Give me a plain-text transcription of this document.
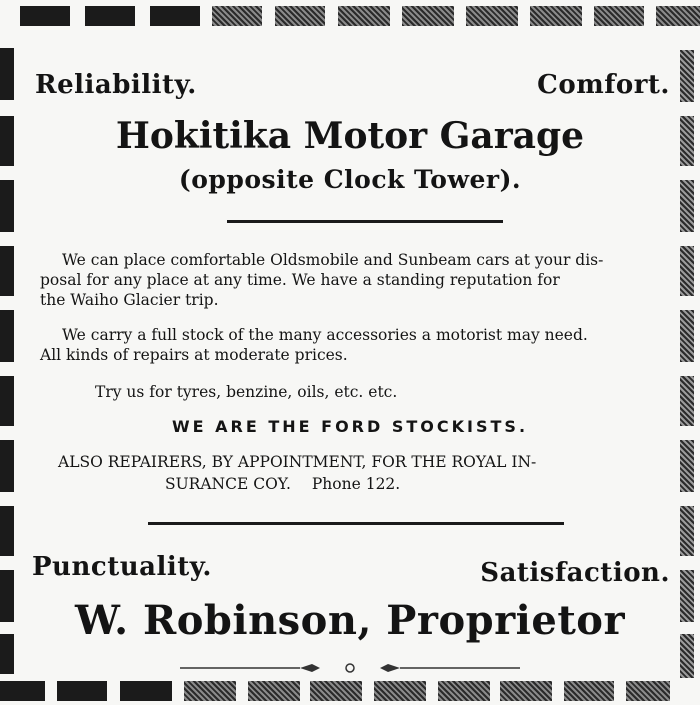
Reliability.	Comfort.
Hokitika Motor Garage
(opposite Clock Tower).
We can place comfortable Oldsmobile and Sunbeam cars at your dis-
posal for any place at any time. We have a standing reputation for
the Waiho Glacier trip.
We carry a full stock of the many accessories a motorist may need.
All kinds of repairs at moderate prices.
Try us for tyres, benzine, oils, etc. etc.
WE ARE THE FORD STOCKISTS.
ALSO REPAIRERS, BY APPOINTMENT, FOR THE ROYAL IN-
SURANCE COY. Phone 122.
Punctuality.	Satisfaction.
W. Robinson, Proprietor
